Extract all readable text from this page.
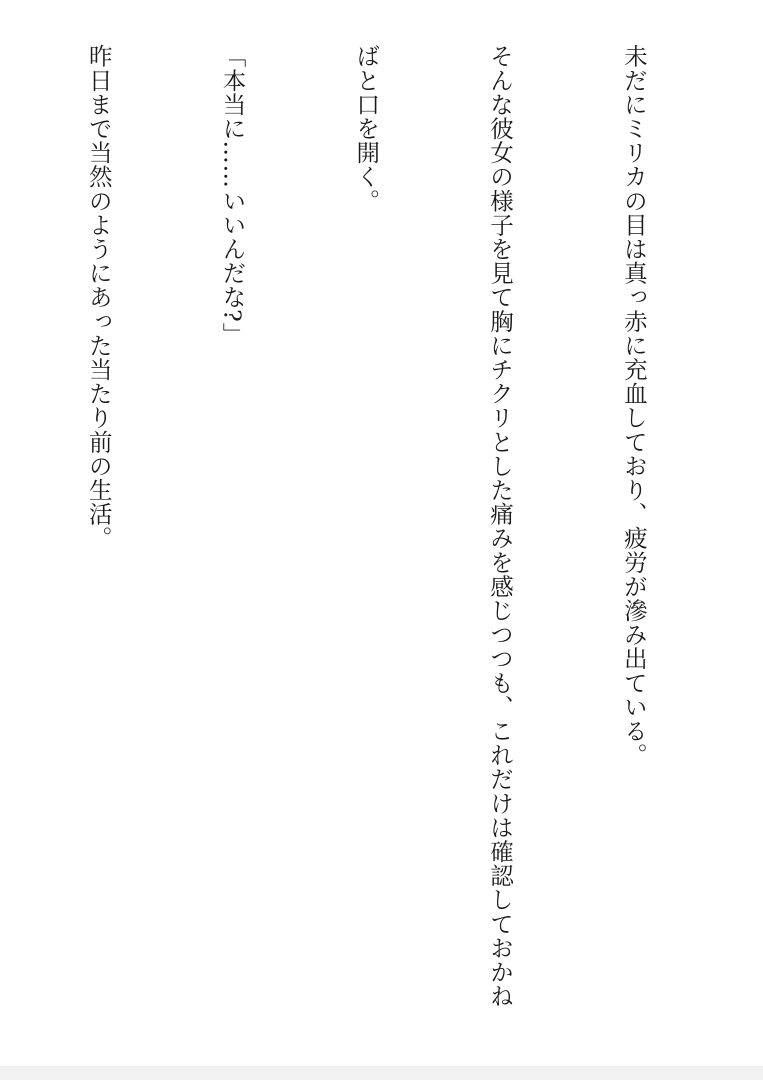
未だにミリカの目は真っ赤に充血しており、疲労が滲み出ている。

そんな彼女の様子を見て胸にチクリとした痛みを感じつつも、これだけは確認しておかね

ばと口を開く。

「本当に……いいんだな?」

昨日まで当然のようにあった当たり前の生活。
